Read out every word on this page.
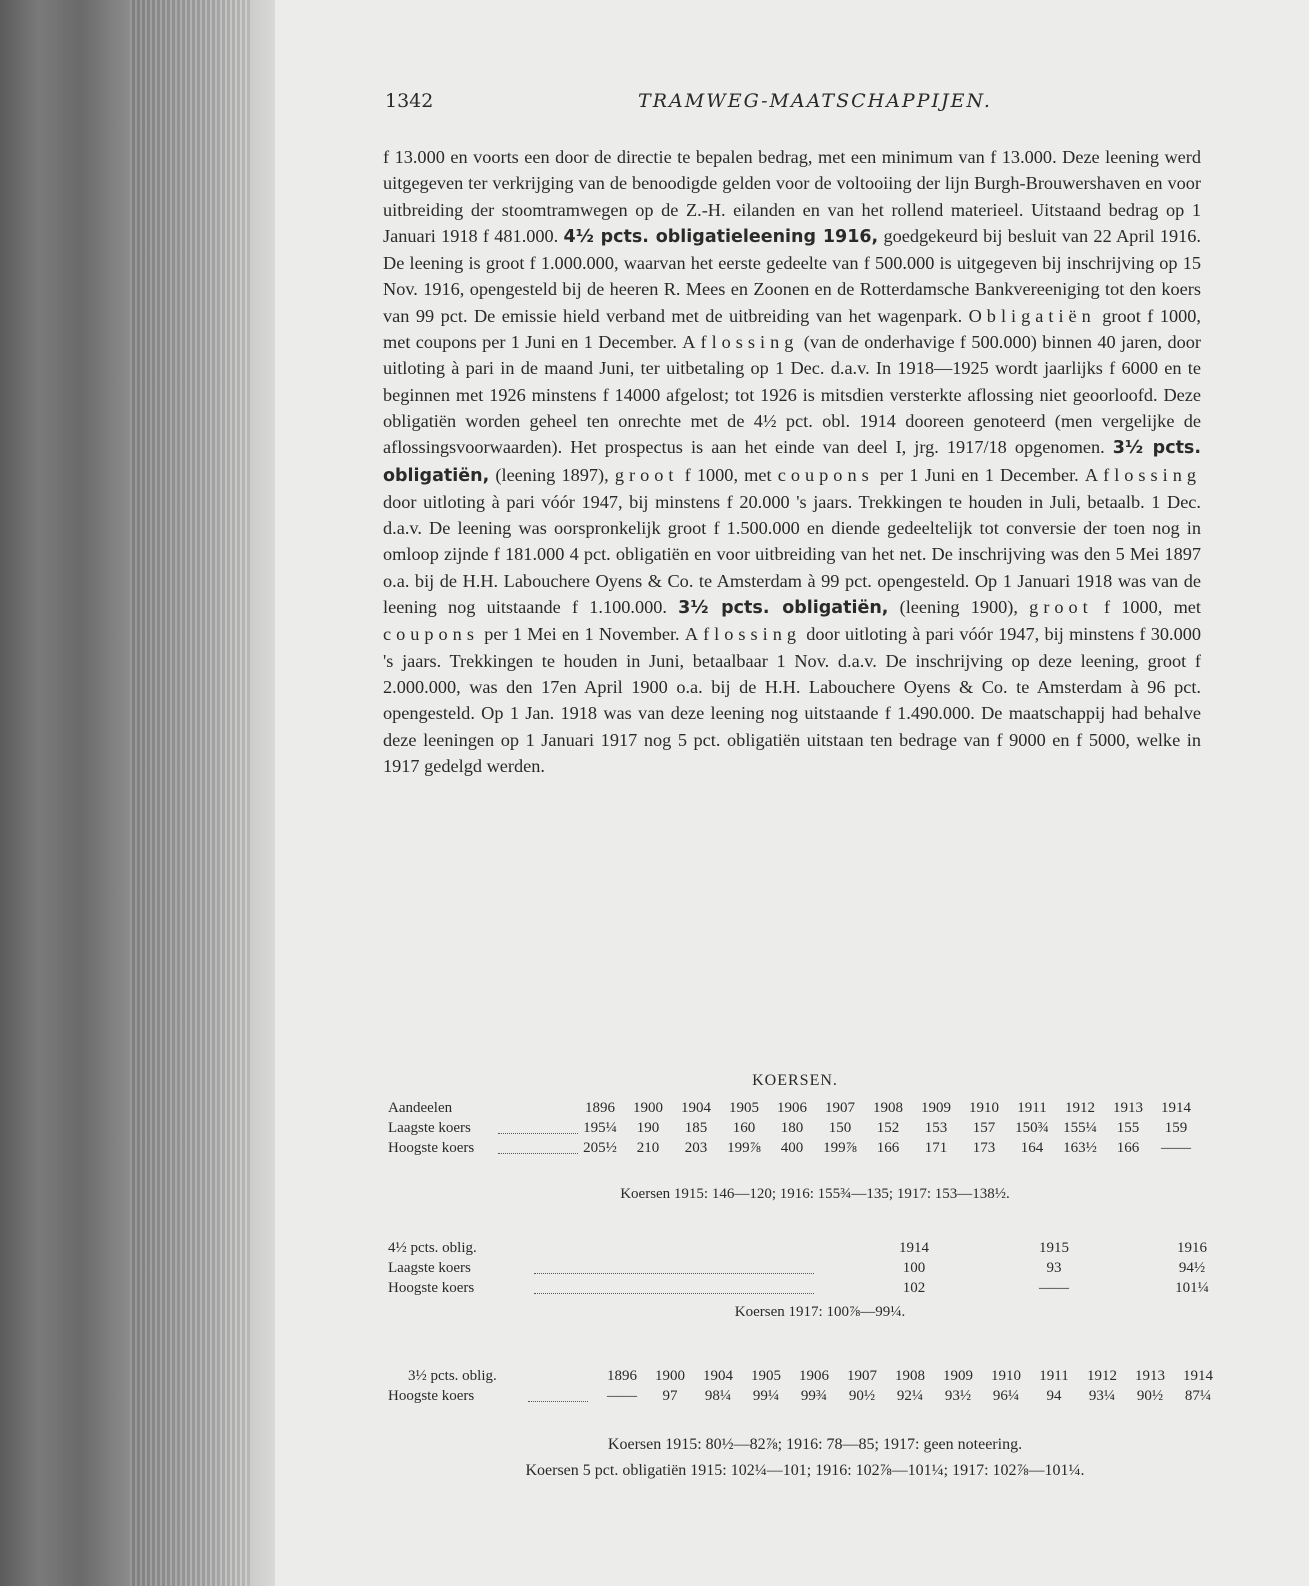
1342	TRAMWEG-MAATSCHAPPIJEN.

f 13.000 en voorts een door de directie te bepalen bedrag, met een minimum van f 13.000. Deze leening werd uitgegeven ter verkrijging van de benoodigde gelden voor de voltooiing der lijn Burgh-Brouwershaven en voor uitbreiding der stoomtramwegen op de Z.-H. eilanden en van het rollend materieel. Uitstaand bedrag op 1 Januari 1918 f 481.000. 4½ pcts. obligatieleening 1916, goedgekeurd bij besluit van 22 April 1916. De leening is groot f 1.000.000, waarvan het eerste gedeelte van f 500.000 is uitgegeven bij inschrijving op 15 Nov. 1916, opengesteld bij de heeren R. Mees en Zoonen en de Rotterdamsche Bankvereeniging tot den koers van 99 pct. De emissie hield verband met de uitbreiding van het wagenpark. Obligatiën groot f 1000, met coupons per 1 Juni en 1 December. Aflossing (van de onderhavige f 500.000) binnen 40 jaren, door uitloting à pari in de maand Juni, ter uitbetaling op 1 Dec. d.a.v. In 1918—1925 wordt jaarlijks f 6000 en te beginnen met 1926 minstens f 14000 afgelost; tot 1926 is mitsdien versterkte aflossing niet geoorloofd. Deze obligatiën worden geheel ten onrechte met de 4½ pct. obl. 1914 dooreen genoteerd (men vergelijke de aflossingsvoorwaarden). Het prospectus is aan het einde van deel I, jrg. 1917/18 opgenomen. 3½ pcts. obligatiën, (leening 1897), groot f 1000, met coupons per 1 Juni en 1 December. Aflossing door uitloting à pari vóór 1947, bij minstens f 20.000 's jaars. Trekkingen te houden in Juli, betaalb. 1 Dec. d.a.v. De leening was oorspronkelijk groot f 1.500.000 en diende gedeeltelijk tot conversie der toen nog in omloop zijnde f 181.000 4 pct. obligatiën en voor uitbreiding van het net. De inschrijving was den 5 Mei 1897 o.a. bij de H.H. Labouchere Oyens & Co. te Amsterdam à 99 pct. opengesteld. Op 1 Januari 1918 was van de leening nog uitstaande f 1.100.000. 3½ pcts. obligatiën, (leening 1900), groot f 1000, met coupons per 1 Mei en 1 November. Aflossing door uitloting à pari vóór 1947, bij minstens f 30.000 's jaars. Trekkingen te houden in Juni, betaalbaar 1 Nov. d.a.v. De inschrijving op deze leening, groot f 2.000.000, was den 17en April 1900 o.a. bij de H.H. Labouchere Oyens & Co. te Amsterdam à 96 pct. opengesteld. Op 1 Jan. 1918 was van deze leening nog uitstaande f 1.490.000. De maatschappij had behalve deze leeningen op 1 Januari 1917 nog 5 pct. obligatiën uitstaan ten bedrage van f 9000 en f 5000, welke in 1917 gedelgd werden.

KOERSEN.
Aandeelen	1896	1900	1904	1905	1906	1907	1908	1909	1910	1911	1912	1913	1914
Laagste koers	195¼	190	185	160	180	150	152	153	157	150¾ 155¼	155	159
Hoogste koers	205½	210	203	199⅞	400	199⅞	166	171	173	164	163½	166	——
Koersen 1915: 146—120; 1916: 155¾—135; 1917: 153—138½.
4½ pcts. oblig.	1914	1915	1916
Laagste koers	100	93	94½
Hoogste koers	102	——	101¼
Koersen 1917: 100⅞—99¼.
3½ pcts. oblig.	1896	1900	1904	1905	1906	1907	1908	1909	1910	1911	1912	1913	1914
Hoogste koers	——	97	98¼	99¼	99¾	90½	92¼	93½	96¼	94	93¼	90½	87¼
Koersen 1915: 80½—82⅞; 1916: 78—85; 1917: geen noteering.
Koersen 5 pct. obligatiën 1915: 102¼—101; 1916: 102⅞—101¼; 1917: 102⅞—101¼.
